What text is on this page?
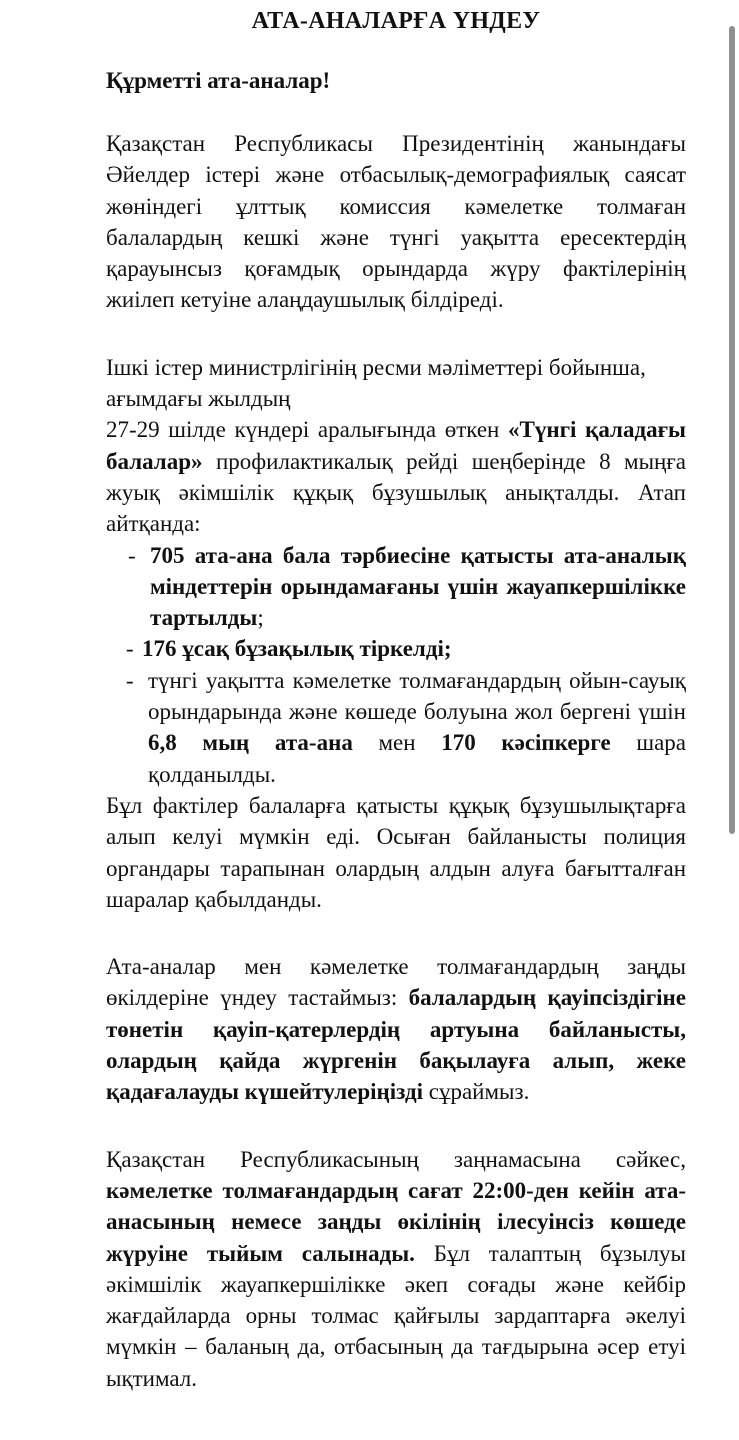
АТА-АНАЛАРҒА ҮНДЕУ
Құрметті ата-аналар!

Қазақстан Республикасы Президентінің жанындағы Әйелдер істері және отбасылық-демографиялық саясат жөніндегі ұлттық комиссия кәмелетке толмаған балалардың кешкі және түнгі уақытта ересектердің қарауынсыз қоғамдық орындарда жүру фактілерінің жиілеп кетуіне алаңдаушылық білдіреді.

Ішкі істер министрлігінің ресми мәліметтері бойынша, ағымдағы жылдың

27-29 шілде күндері аралығында өткен «Түнгі қаладағы балалар» профилактикалық рейді шеңберінде 8 мыңға жуық әкімшілік құқық бұзушылық анықталды. Атап айтқанда:

- 705 ата-ана бала тәрбиесіне қатысты ата-аналық міндеттерін орындамағаны үшін жауапкершілікке тартылды;
- 176 ұсақ бұзақылық тіркелді;
- түнгі уақытта кәмелетке толмағандардың ойын-сауық орындарында және көшеде болуына жол бергені үшін 6,8 мың ата-ана мен 170 кәсіпкерге шара қолданылды.

Бұл фактілер балаларға қатысты құқық бұзушылықтарға алып келуі мүмкін еді. Осыған байланысты полиция органдары тарапынан олардың алдын алуға бағытталған шаралар қабылданды.

Ата-аналар мен кәмелетке толмағандардың заңды өкілдеріне үндеу тастаймыз: балалардың қауіпсіздігіне төнетін қауіп-қатерлердің артуына байланысты, олардың қайда жүргенін бақылауға алып, жеке қадағалауды күшейтулеріңізді сұраймыз.

Қазақстан Республикасының заңнамасына сәйкес, кәмелетке толмағандардың сағат 22:00-ден кейін ата-анасының немесе заңды өкілінің ілесуінсіз көшеде жүруіне тыйым салынады. Бұл талаптың бұзылуы әкімшілік жауапкершілікке әкеп соғады және кейбір жағдайларда орны толмас қайғылы зардаптарға әкелуі мүмкін – баланың да, отбасының да тағдырына әсер етуі ықтимал.
